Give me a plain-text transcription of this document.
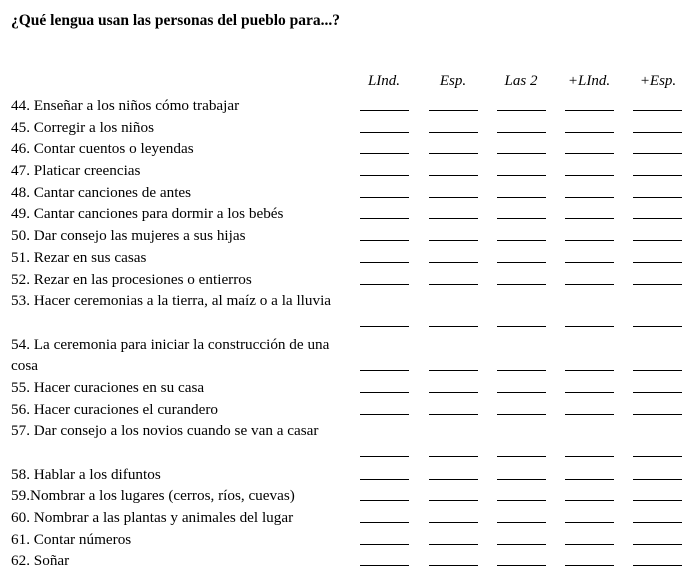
¿Qué lengua usan las personas del pueblo para...?
LInd.	Esp.	Las 2	+LInd.	+Esp.
44. Enseñar a los niños cómo trabajar
45. Corregir a los niños
46. Contar cuentos o leyendas
47. Platicar creencias
48. Cantar canciones de antes
49. Cantar canciones para dormir a los bebés
50. Dar consejo las mujeres a sus hijas
51. Rezar en sus casas
52. Rezar en las procesiones o entierros
53. Hacer ceremonias a la tierra, al maíz o a la lluvia
54. La ceremonia para iniciar la construcción de una cosa
55. Hacer curaciones en su casa
56. Hacer curaciones el curandero
57. Dar consejo a los novios cuando se van a casar
58. Hablar a los difuntos
59.Nombrar a los lugares (cerros, ríos, cuevas)
60. Nombrar a las plantas y animales del lugar
61. Contar números
62. Soñar
